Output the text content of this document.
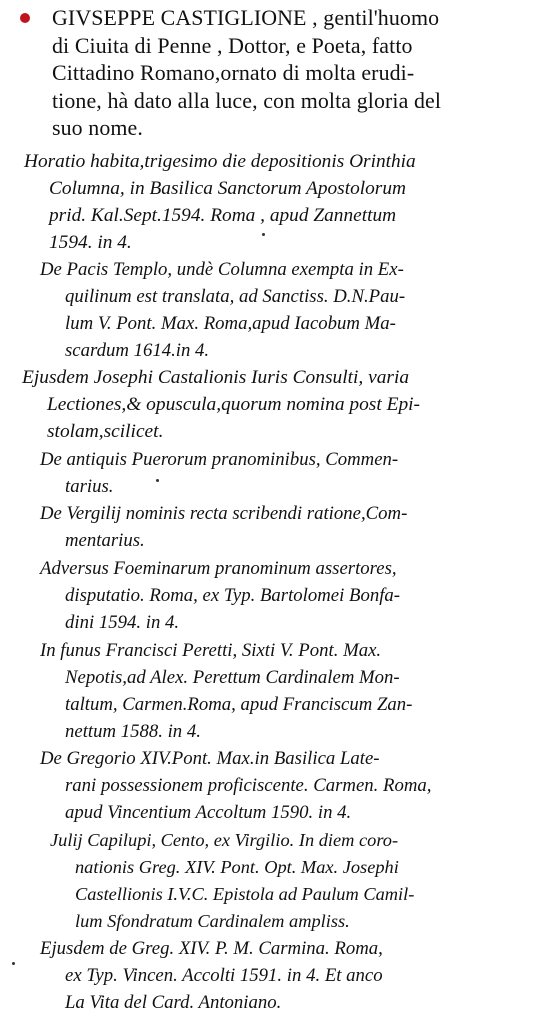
GIVSEPPE CASTIGLIONE , gentil'huomo
di Ciuita di Penne , Dottor, e Poeta, fatto
Cittadino Romano,ornato di molta erudi-
tione, hà dato alla luce, con molta gloria del
suo nome.
Horatio habita,trigesimo die depositionis Orinthia
Columna, in Basilica Sanctorum Apostolorum
prid. Kal.Sept.1594. Roma , apud Zannettum
1594. in 4.
De Pacis Templo, undè Columna exempta in Ex-
quilinum est translata, ad Sanctiss. D.N.Pau-
lum V. Pont. Max. Roma,apud Iacobum Ma-
scardum 1614.in 4.
Ejusdem Josephi Castalionis Iuris Consulti, varia
Lectiones,& opuscula,quorum nomina post Epi-
stolam,scilicet.
De antiquis Puerorum pranominibus, Commen-
tarius.
De Vergilij nominis recta scribendi ratione,Com-
mentarius.
Adversus Foeminarum pranominum assertores,
disputatio. Roma, ex Typ. Bartolomei Bonfa-
dini 1594. in 4.
In funus Francisci Peretti, Sixti V. Pont. Max.
Nepotis,ad Alex. Perettum Cardinalem Mon-
taltum, Carmen.Roma, apud Franciscum Zan-
nettum 1588. in 4.
De Gregorio XIV.Pont. Max.in Basilica Late-
rani possessionem proficiscente. Carmen. Roma,
apud Vincentium Accoltum 1590. in 4.
Julij Capilupi, Cento, ex Virgilio. In diem coro-
nationis Greg. XIV. Pont. Opt. Max. Josephi
Castellionis I.V.C. Epistola ad Paulum Camil-
lum Sfondratum Cardinalem ampliss.
Ejusdem de Greg. XIV. P. M. Carmina. Roma,
ex Typ. Vincen. Accolti 1591. in 4. Et anco
La Vita del Card. Antoniano.
